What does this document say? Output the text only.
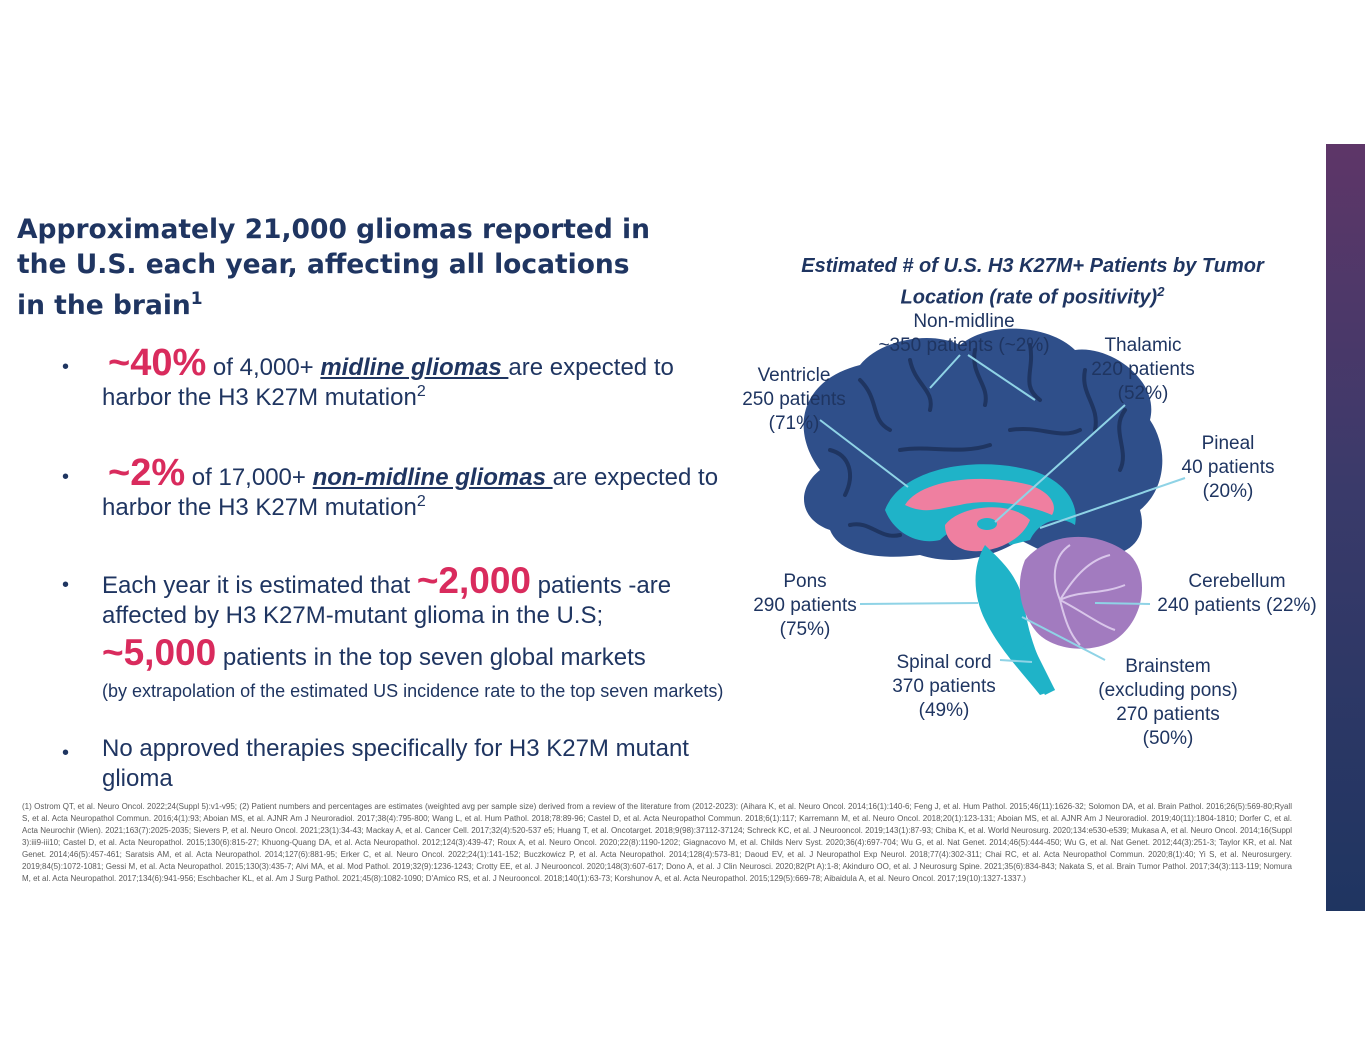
Approximately 21,000 gliomas reported in
the U.S. each year, affecting all locations
in the brain$^1$
• ~40% of 4,000+ midline gliomas are expected to harbor the H3 K27M mutation$^2$
• ~2% of 17,000+ non-midline gliomas are expected to harbor the H3 K27M mutation$^2$
• Each year it is estimated that ~2,000 patients -are affected by H3 K27M-mutant glioma in the U.S;
~5,000 patients in the top seven global markets
(by extrapolation of the estimated US incidence rate to the top seven markets)
• No approved therapies specifically for H3 K27M mutant glioma
(1) Ostrom QT, et al. Neuro Oncol. 2022;24(Suppl 5):v1-v95; (2) Patient numbers and percentages are estimates (weighted avg per sample size) derived from a review of the literature from (2012-2023): (Aihara K, et al. Neuro Oncol. 2014;16(1):140-6; Feng J, et al. Hum Pathol. 2015;46(11):1626-32; Solomon DA, et al. Brain Pathol. 2016;26(5):569-80;Ryall S, et al. Acta Neuropathol Commun. 2016;4(1):93; Aboian MS, et al. AJNR Am J Neuroradiol. 2017;38(4):795-800; Wang L, et al. Hum Pathol. 2018;78:89-96; Castel D, et al. Acta Neuropathol Commun. 2018;6(1):117; Karremann M, et al. Neuro Oncol. 2018;20(1):123-131; Aboian MS, et al. AJNR Am J Neuroradiol. 2019;40(11):1804-1810; Dorfer C, et al. Acta Neurochir (Wien). 2021;163(7):2025-2035; Sievers P, et al. Neuro Oncol. 2021;23(1):34-43; Mackay A, et al. Cancer Cell. 2017;32(4):520-537 e5; Huang T, et al. Oncotarget. 2018;9(98):37112-37124; Schreck KC, et al. J Neurooncol. 2019;143(1):87-93; Chiba K, et al. World Neurosurg. 2020;134:e530-e539; Mukasa A, et al. Neuro Oncol. 2014;16(Suppl 3):iii9-iii10; Castel D, et al. Acta Neuropathol. 2015;130(6):815-27; Khuong-Quang DA, et al. Acta Neuropathol. 2012;124(3):439-47; Roux A, et al. Neuro Oncol. 2020;22(8):1190-1202; Giagnacovo M, et al. Childs Nerv Syst. 2020;36(4):697-704; Wu G, et al. Nat Genet. 2014;46(5):444-450; Wu G, et al. Nat Genet. 2012;44(3):251-3; Taylor KR, et al. Nat Genet. 2014;46(5):457-461; Saratsis AM, et al. Acta Neuropathol. 2014;127(6):881-95; Erker C, et al. Neuro Oncol. 2022;24(1):141-152; Buczkowicz P, et al. Acta Neuropathol. 2014;128(4):573-81; Daoud EV, et al. J Neuropathol Exp Neurol. 2018;77(4):302-311; Chai RC, et al. Acta Neuropathol Commun. 2020;8(1):40; Yi S, et al. Neurosurgery. 2019;84(5):1072-1081; Gessi M, et al. Acta Neuropathol. 2015;130(3):435-7; Alvi MA, et al. Mod Pathol. 2019;32(9):1236-1243; Crotty EE, et al. J Neurooncol. 2020;148(3):607-617; Dono A, et al. J Clin Neurosci. 2020;82(Pt A):1-8; Akinduro OO, et al. J Neurosurg Spine. 2021;35(6):834-843; Nakata S, et al. Brain Tumor Pathol. 2017;34(3):113-119; Nomura M, et al. Acta Neuropathol. 2017;134(6):941-956; Eschbacher KL, et al. Am J Surg Pathol. 2021;45(8):1082-1090; D'Amico RS, et al. J Neurooncol. 2018;140(1):63-73; Korshunov A, et al. Acta Neuropathol. 2015;129(5):669-78; Aibaidula A, et al. Neuro Oncol. 2017;19(10):1327-1337.)
Estimated # of U.S. H3 K27M+ Patients by Tumor Location (rate of positivity)$^2$
Non-midline
~350 patients (~2%)	Thalamic
220 patients
(52%)
Ventricle
250 patients
(71%)
Pineal
40 patients
(20%)
Pons
290 patients
(75%)
Cerebellum
240 patients (22%)
Spinal cord
370 patients
(49%)
Brainstem
(excluding pons)
270 patients
(50%)
